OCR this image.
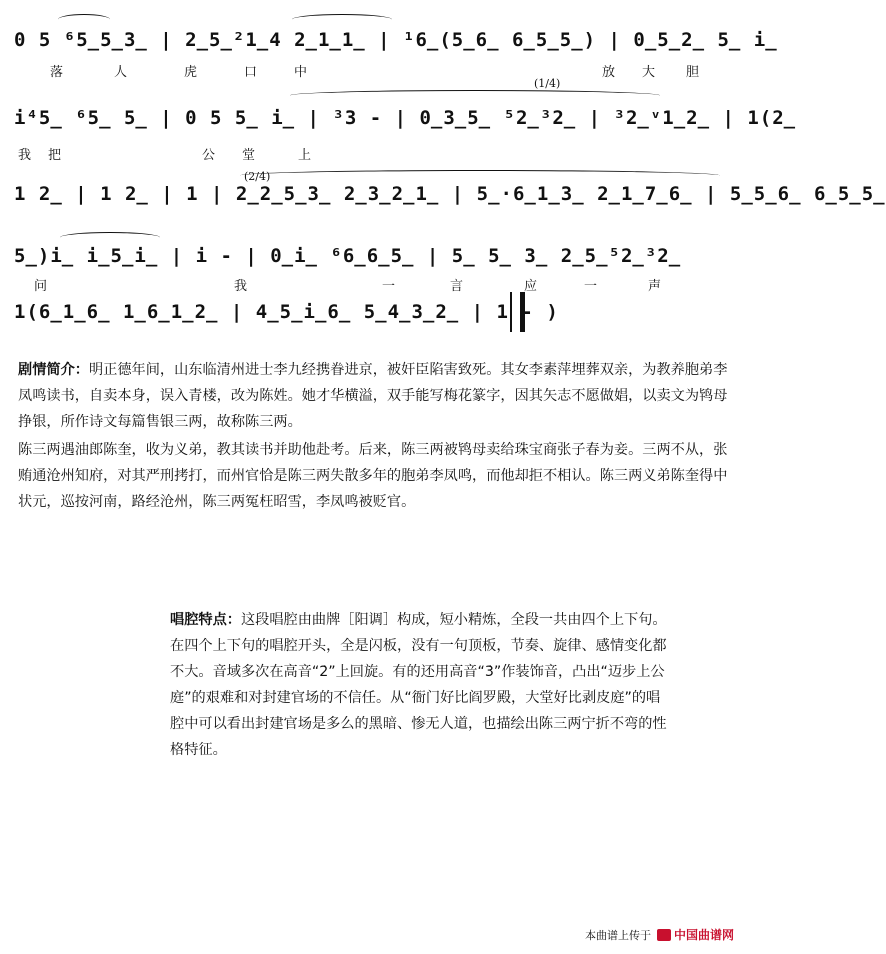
0 5 ⁶5̲5̲3̲ | 2̲5̲²1̲4 2̲1̲1̲ | ¹6̲(5̲6̲ 6̲5̲5̲) | 0̲5̲2̲ 5̲ i̲
落	人	虎	口	中	放 大 胆
(1/4)
i⁴5̲ ⁶5̲ 5̲ | 0 5 5̲ i̲ | ³3 - | 0̲3̲5̲ ⁵2̲³2̲ | ³2̲ᵛ1̲2̲ | 1(2̲
我 把	公 堂	上
(2/4)
1 2̲ | 1 2̲ | 1 | 2̲2̲5̲3̲ 2̲3̲2̲1̲ | 5̲·6̲1̲3̲ 2̲1̲7̲6̲ | 5̲5̲6̲ 6̲5̲5̲
5̲)i̲ i̲5̲i̲ | i - | 0̲i̲ ⁶6̲6̲5̲ | 5̲ 5̲ 3̲ 2̲5̲⁵2̲³2̲
问	我	一	言	应	一	声
1(6̲1̲6̲ 1̲6̲1̲2̲ | 4̲5̲i̲6̲ 5̲4̲3̲2̲ | 1 - )

剧情简介：明正德年间，山东临清州进士李九经携眷进京，被奸臣陷害致死。其女李素萍埋葬双亲，为教养胞弟李凤鸣读书，自卖本身，误入青楼，改为陈姓。她才华横溢，双手能写梅花篆字，因其矢志不愿做娼，以卖文为鸨母挣银，所作诗文每篇售银三两，故称陈三两。

陈三两遇油郎陈奎，收为义弟，教其读书并助他赴考。后来，陈三两被鸨母卖给珠宝商张子春为妾。三两不从，张贿通沧州知府，对其严刑拷打，而州官恰是陈三两失散多年的胞弟李凤鸣，而他却拒不相认。陈三两义弟陈奎得中状元，巡按河南，路经沧州，陈三两冤枉昭雪，李凤鸣被贬官。

唱腔特点：这段唱腔由曲牌［阳调］构成，短小精炼，全段一共由四个上下句。在四个上下句的唱腔开头，全是闪板，没有一句顶板，节奏、旋律、感情变化都不大。音域多次在高音“2̇”上回旋。有的还用高音“3̇”作装饰音，凸出“迈步上公庭”的艰难和对封建官场的不信任。从“衙门好比阎罗殿，大堂好比剥皮庭”的唱腔中可以看出封建官场是多么的黑暗、惨无人道，也描绘出陈三两宁折不弯的性格特征。
本曲谱上传于 中国曲谱网
